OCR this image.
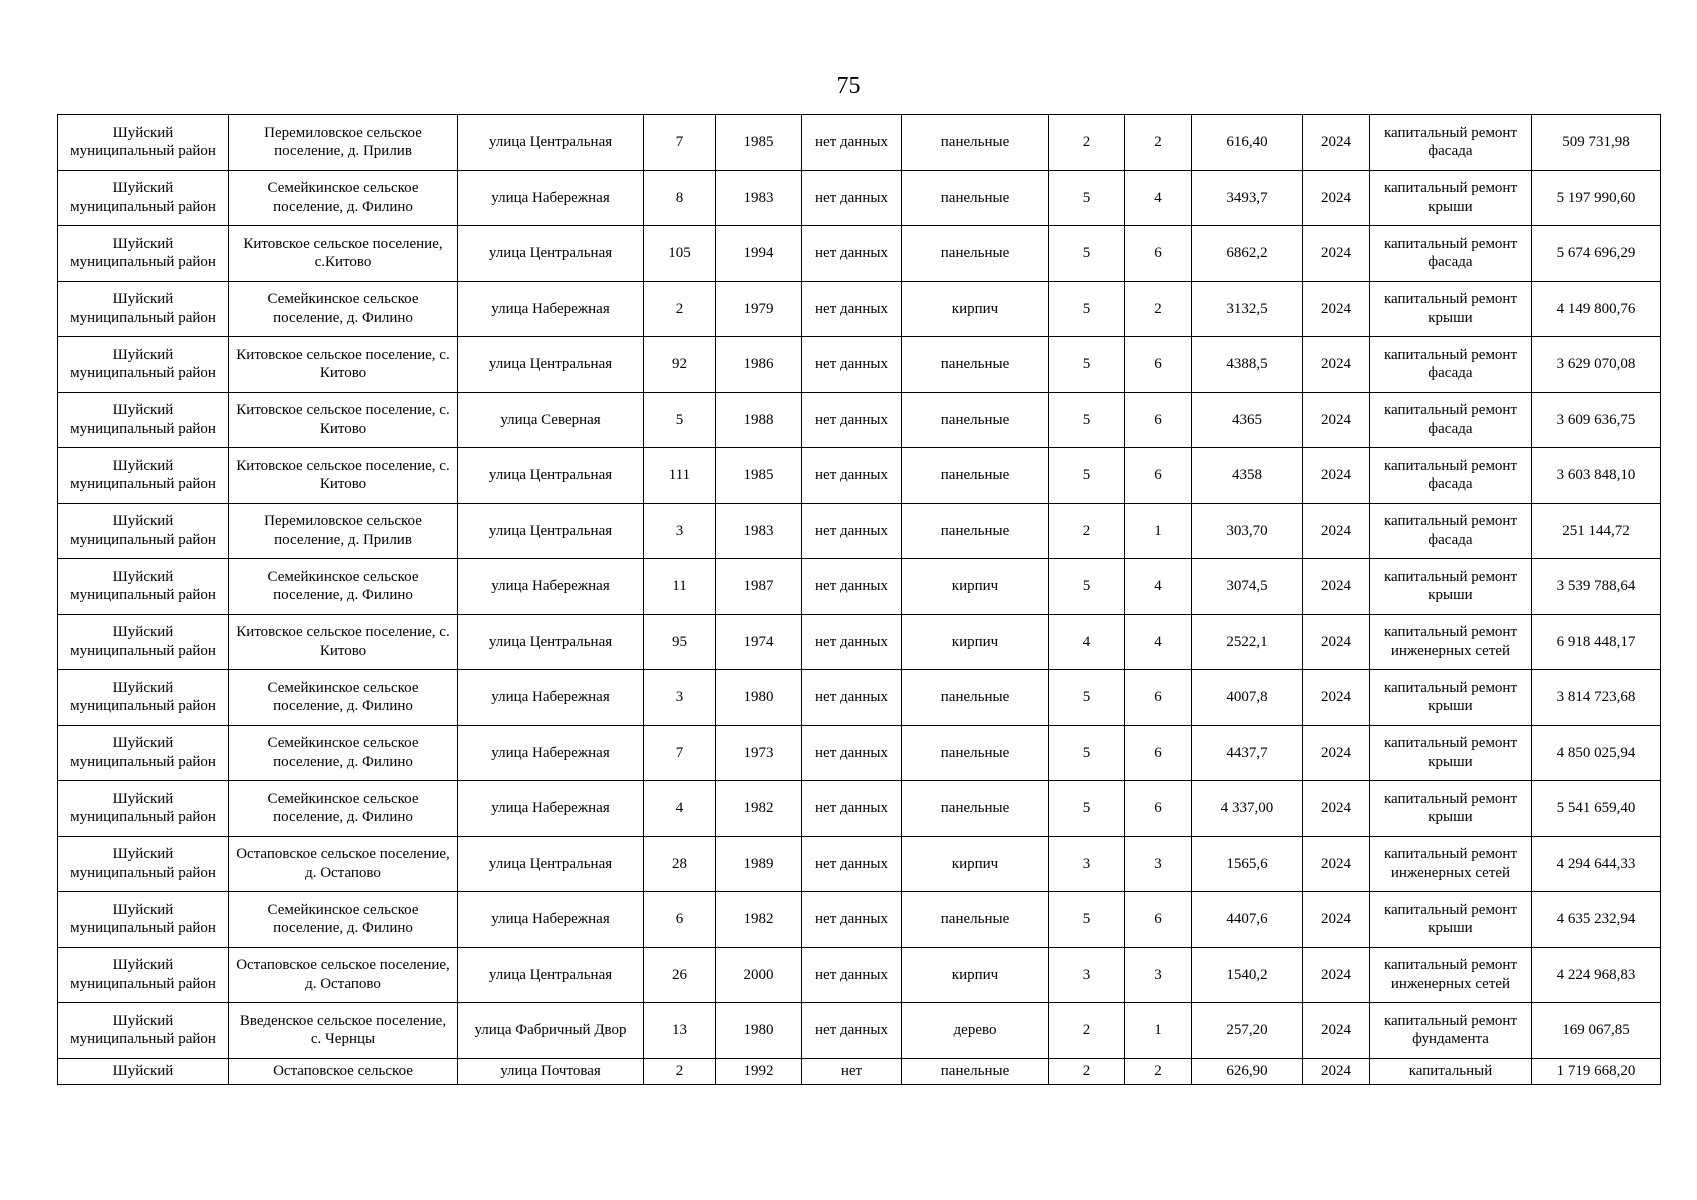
75
Шуйский муниципальный район	Перемиловское сельское поселение, д. Прилив	улица Центральная	7	1985	нет данных	панельные	2	2	616,40	2024	капитальный ремонт фасада	509 731,98
Шуйский муниципальный район	Семейкинское сельское поселение, д. Филино	улица Набережная	8	1983	нет данных	панельные	5	4	3493,7	2024	капитальный ремонт крыши	5 197 990,60
Шуйский муниципальный район	Китовское сельское поселение, с.Китово	улица Центральная	105	1994	нет данных	панельные	5	6	6862,2	2024	капитальный ремонт фасада	5 674 696,29
Шуйский муниципальный район	Семейкинское сельское поселение, д. Филино	улица Набережная	2	1979	нет данных	кирпич	5	2	3132,5	2024	капитальный ремонт крыши	4 149 800,76
Шуйский муниципальный район	Китовское сельское поселение, с. Китово	улица Центральная	92	1986	нет данных	панельные	5	6	4388,5	2024	капитальный ремонт фасада	3 629 070,08
Шуйский муниципальный район	Китовское сельское поселение, с. Китово	улица Северная	5	1988	нет данных	панельные	5	6	4365	2024	капитальный ремонт фасада	3 609 636,75
Шуйский муниципальный район	Китовское сельское поселение, с. Китово	улица Центральная	111	1985	нет данных	панельные	5	6	4358	2024	капитальный ремонт фасада	3 603 848,10
Шуйский муниципальный район	Перемиловское сельское поселение, д. Прилив	улица Центральная	3	1983	нет данных	панельные	2	1	303,70	2024	капитальный ремонт фасада	251 144,72
Шуйский муниципальный район	Семейкинское сельское поселение, д. Филино	улица Набережная	11	1987	нет данных	кирпич	5	4	3074,5	2024	капитальный ремонт крыши	3 539 788,64
Шуйский муниципальный район	Китовское сельское поселение, с. Китово	улица Центральная	95	1974	нет данных	кирпич	4	4	2522,1	2024	капитальный ремонт инженерных сетей	6 918 448,17
Шуйский муниципальный район	Семейкинское сельское поселение, д. Филино	улица Набережная	3	1980	нет данных	панельные	5	6	4007,8	2024	капитальный ремонт крыши	3 814 723,68
Шуйский муниципальный район	Семейкинское сельское поселение, д. Филино	улица Набережная	7	1973	нет данных	панельные	5	6	4437,7	2024	капитальный ремонт крыши	4 850 025,94
Шуйский муниципальный район	Семейкинское сельское поселение, д. Филино	улица Набережная	4	1982	нет данных	панельные	5	6	4 337,00	2024	капитальный ремонт крыши	5 541 659,40
Шуйский муниципальный район	Остаповское сельское поселение, д. Остапово	улица Центральная	28	1989	нет данных	кирпич	3	3	1565,6	2024	капитальный ремонт инженерных сетей	4 294 644,33
Шуйский муниципальный район	Семейкинское сельское поселение, д. Филино	улица Набережная	6	1982	нет данных	панельные	5	6	4407,6	2024	капитальный ремонт крыши	4 635 232,94
Шуйский муниципальный район	Остаповское сельское поселение, д. Остапово	улица Центральная	26	2000	нет данных	кирпич	3	3	1540,2	2024	капитальный ремонт инженерных сетей	4 224 968,83
Шуйский муниципальный район	Введенское сельское поселение, с. Чернцы	улица Фабричный Двор	13	1980	нет данных	дерево	2	1	257,20	2024	капитальный ремонт фундамента	169 067,85
Шуйский	Остаповское сельское	улица Почтовая	2	1992	нет	панельные	2	2	626,90	2024	капитальный	1 719 668,20
